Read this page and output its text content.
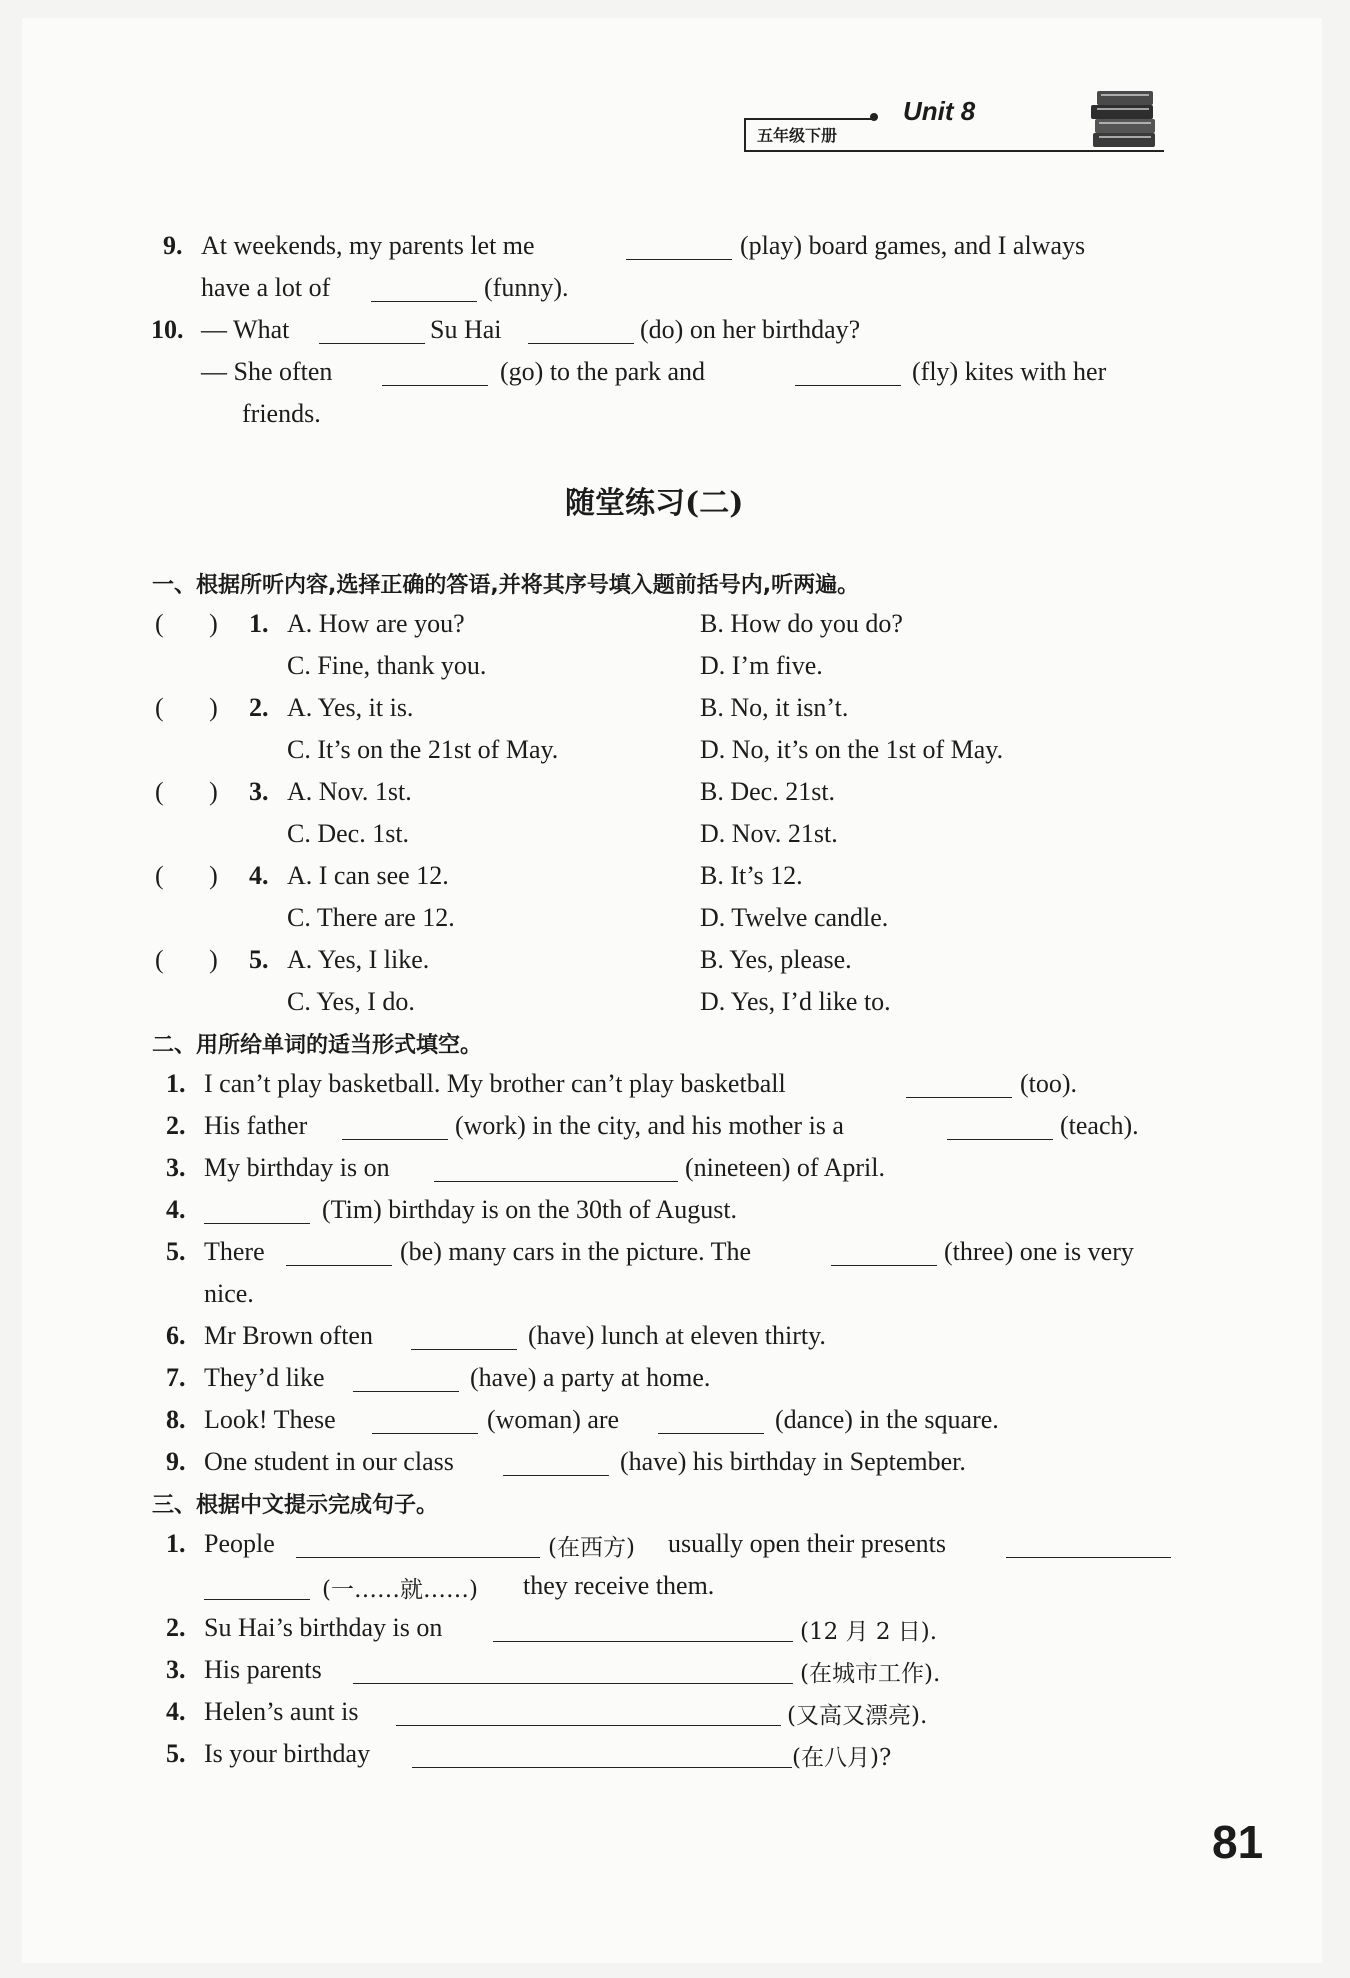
五年级下册
Unit 8
9. At weekends, my parents let me	(play) board games, and I always
have a lot of	(funny).
10. — What	Su Hai	(do) on her birthday?
— She often	(go) to the park and	(fly) kites with her
friends.
随堂练习(二)
一、根据所听内容,选择正确的答语,并将其序号填入题前括号内,听两遍。
(       ) 1. A. How are you?	B. How do you do?
C. Fine, thank you.	D. I’m five.
(       ) 2. A. Yes, it is.	B. No, it isn’t.
C. It’s on the 21st of May.	D. No, it’s on the 1st of May.
(       ) 3. A. Nov. 1st.	B. Dec. 21st.
C. Dec. 1st.	D. Nov. 21st.
(       ) 4. A. I can see 12.	B. It’s 12.
C. There are 12.	D. Twelve candle.
(       ) 5. A. Yes, I like.	B. Yes, please.
C. Yes, I do.	D. Yes, I’d like to.
二、用所给单词的适当形式填空。
1. I can’t play basketball. My brother can’t play basketball	(too).
2. His father	(work) in the city, and his mother is a	(teach).
3. My birthday is on	(nineteen) of April.
4.	(Tim) birthday is on the 30th of August.
5. There	(be) many cars in the picture. The	(three) one is very
nice.
6. Mr Brown often	(have) lunch at eleven thirty.
7. They’d like	(have) a party at home.
8. Look! These	(woman) are	(dance) in the square.
9. One student in our class	(have) his birthday in September.
三、根据中文提示完成句子。
1. People	(在西方) usually open their presents
(一……就……) they receive them.
2. Su Hai’s birthday is on	(12 月 2 日).
3. His parents	(在城市工作).
4. Helen’s aunt is	(又高又漂亮).
5. Is your birthday	(在八月)?
81
